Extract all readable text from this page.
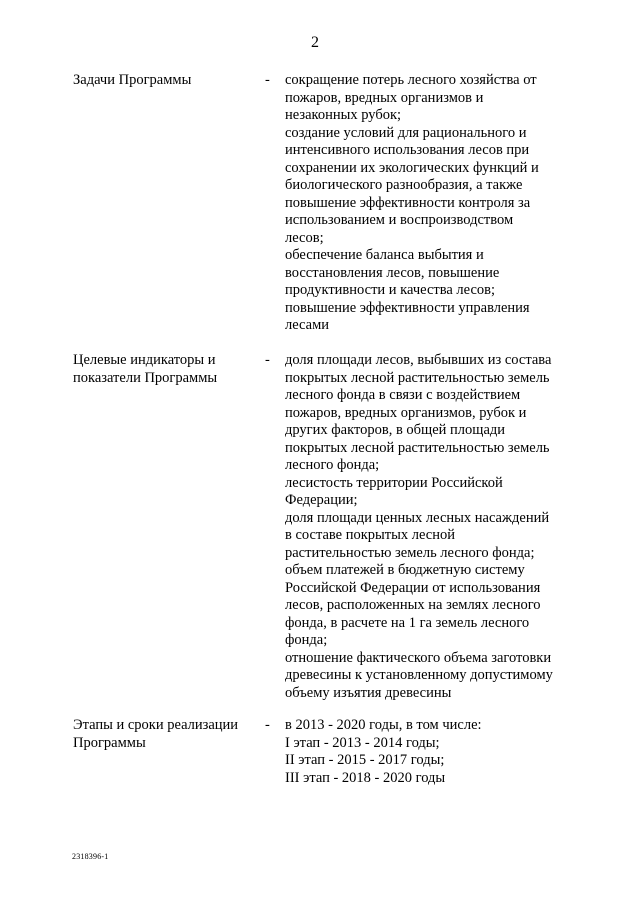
2
Задачи Программы	- сокращение потерь лесного хозяйства от
пожаров, вредных организмов и
незаконных рубок;
создание условий для рационального и
интенсивного использования лесов при
сохранении их экологических функций и
биологического разнообразия, а также
повышение эффективности контроля за
использованием и воспроизводством
лесов;
обеспечение баланса выбытия и
восстановления лесов, повышение
продуктивности и качества лесов;
повышение эффективности управления
лесами
Целевые индикаторы и
показатели Программы
- доля площади лесов, выбывших из состава
покрытых лесной растительностью земель
лесного фонда в связи с воздействием
пожаров, вредных организмов, рубок и
других факторов, в общей площади
покрытых лесной растительностью земель
лесного фонда;
лесистость территории Российской
Федерации;
доля площади ценных лесных насаждений
в составе покрытых лесной
растительностью земель лесного фонда;
объем платежей в бюджетную систему
Российской Федерации от использования
лесов, расположенных на землях лесного
фонда, в расчете на 1 га земель лесного
фонда;
отношение фактического объема заготовки
древесины к установленному допустимому
объему изъятия древесины
Этапы и сроки реализации
Программы
- в 2013 - 2020 годы, в том числе:
I этап - 2013 - 2014 годы;
II этап - 2015 - 2017 годы;
III этап - 2018 - 2020 годы
2318396-1
